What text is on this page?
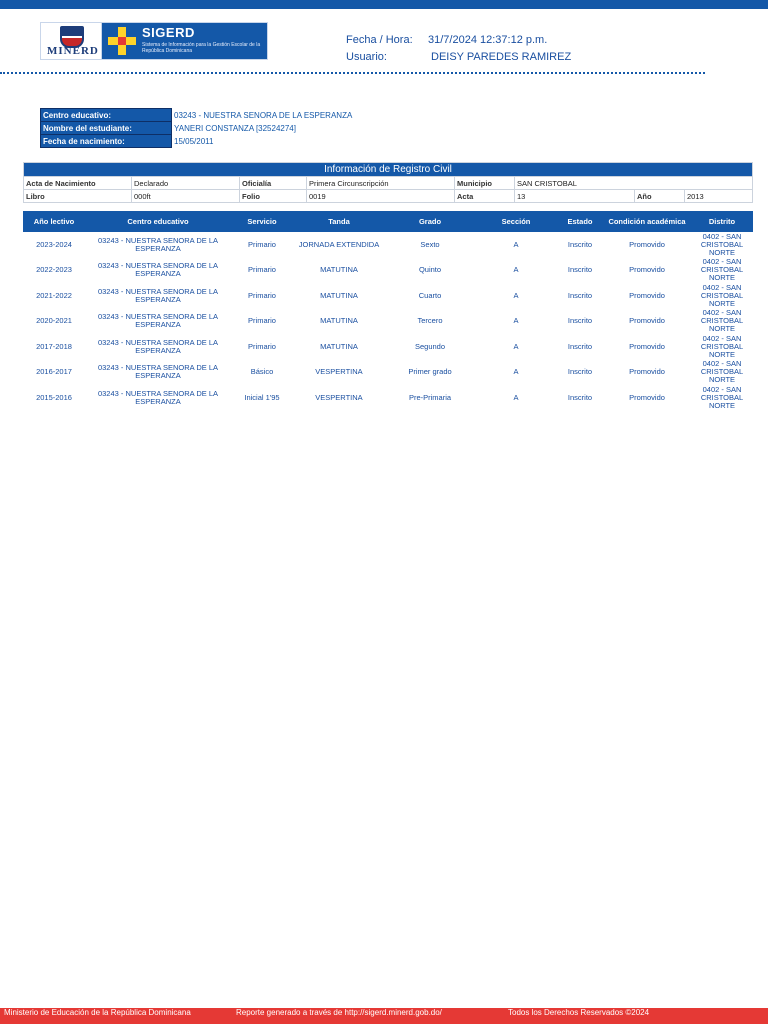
MINERD
SIGERD
Sistema de Información para la Gestión Escolar de la República Dominicana
Fecha / Hora: 31/7/2024 12:37:12 p.m.
Usuario:	DEISY PAREDES RAMIREZ
Centro educativo:	03243 - NUESTRA SENORA DE LA ESPERANZA
Nombre del estudiante:	YANERI CONSTANZA [32524274]
Fecha de nacimiento:	15/05/2011
Información de Registro Civil							
Acta de Nacimiento	Declarado	Oficialía	Primera Circunscripción	Municipio	SAN CRISTOBAL		
Libro	000ft	Folio	0019	Acta	13	Año	2013
Año lectivo	Centro educativo	Servicio	Tanda	Grado	Sección	Estado	Condición académica	Distrito
2023-2024	03243 - NUESTRA SENORA DE LA ESPERANZA	Primario	JORNADA EXTENDIDA	Sexto	A	Inscrito	Promovido	0402 - SAN CRISTOBAL NORTE
2022-2023	03243 - NUESTRA SENORA DE LA ESPERANZA	Primario	MATUTINA	Quinto	A	Inscrito	Promovido	0402 - SAN CRISTOBAL NORTE
2021-2022	03243 - NUESTRA SENORA DE LA ESPERANZA	Primario	MATUTINA	Cuarto	A	Inscrito	Promovido	0402 - SAN CRISTOBAL NORTE
2020-2021	03243 - NUESTRA SENORA DE LA ESPERANZA	Primario	MATUTINA	Tercero	A	Inscrito	Promovido	0402 - SAN CRISTOBAL NORTE
2017-2018	03243 - NUESTRA SENORA DE LA ESPERANZA	Primario	MATUTINA	Segundo	A	Inscrito	Promovido	0402 - SAN CRISTOBAL NORTE
2016-2017	03243 - NUESTRA SENORA DE LA ESPERANZA	Básico	VESPERTINA	Primer grado	A	Inscrito	Promovido	0402 - SAN CRISTOBAL NORTE
2015-2016	03243 - NUESTRA SENORA DE LA ESPERANZA	Inicial 1'95	VESPERTINA	Pre-Primaria	A	Inscrito	Promovido	0402 - SAN CRISTOBAL NORTE
Ministerio de Educación de la República Dominicana	Reporte generado a través de http://sigerd.minerd.gob.do/	Todos los Derechos Reservados ©2024
